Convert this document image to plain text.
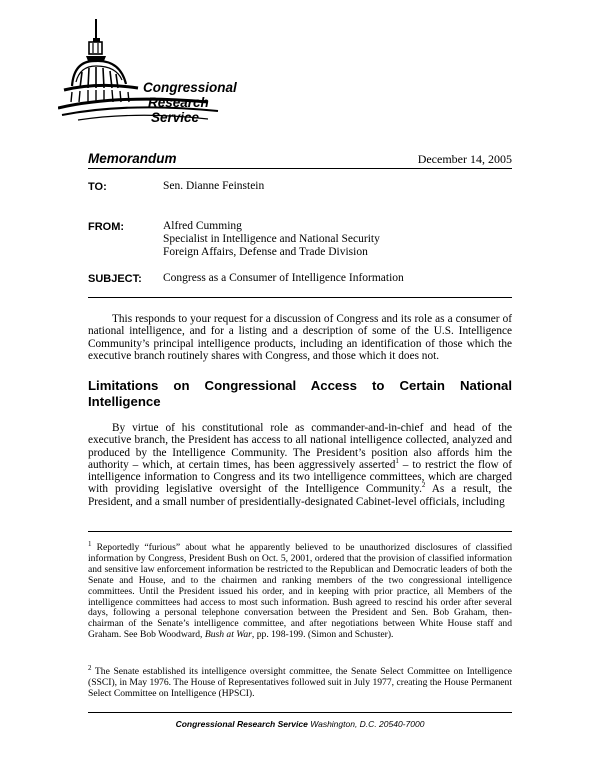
Congressional
Research
Service
Memorandum	December 14, 2005
TO:	Sen. Dianne Feinstein
FROM:	Alfred Cumming
Specialist in Intelligence and National Security
Foreign Affairs, Defense and Trade Division
SUBJECT: Congress as a Consumer of Intelligence Information

This responds to your request for a discussion of Congress and its role as a consumer of national intelligence, and for a listing and a description of some of the U.S. Intelligence Community’s principal intelligence products, including an identification of those which the executive branch routinely shares with Congress, and those which it does not.

Limitations on Congressional Access to Certain National Intelligence

By virtue of his constitutional role as commander-and-in-chief and head of the executive branch, the President has access to all national intelligence collected, analyzed and produced by the Intelligence Community. The President’s position also affords him the authority – which, at certain times, has been aggressively asserted$^1$ – to restrict the flow of intelligence information to Congress and its two intelligence committees, which are charged with providing legislative oversight of the Intelligence Community.$^2$ As a result, the President, and a small number of presidentially-designated Cabinet-level officials, including

$^1$ Reportedly “furious” about what he apparently believed to be unauthorized disclosures of classified information by Congress, President Bush on Oct. 5, 2001, ordered that the provision of classified information and sensitive law enforcement information be restricted to the Republican and Democratic leaders of both the Senate and House, and to the chairmen and ranking members of the two congressional intelligence committees. Until the President issued his order, and in keeping with prior practice, all Members of the intelligence committees had access to most such information. Bush agreed to rescind his order after several days, following a personal telephone conversation between the President and Sen. Bob Graham, then-chairman of the Senate’s intelligence committee, and after negotiations between White House staff and Graham. See Bob Woodward, Bush at War, pp. 198-199. (Simon and Schuster).

$^2$ The Senate established its intelligence oversight committee, the Senate Select Committee on Intelligence (SSCI), in May 1976. The House of Representatives followed suit in July 1977, creating the House Permanent Select Committee on Intelligence (HPSCI).

Congressional Research Service Washington, D.C. 20540-7000
